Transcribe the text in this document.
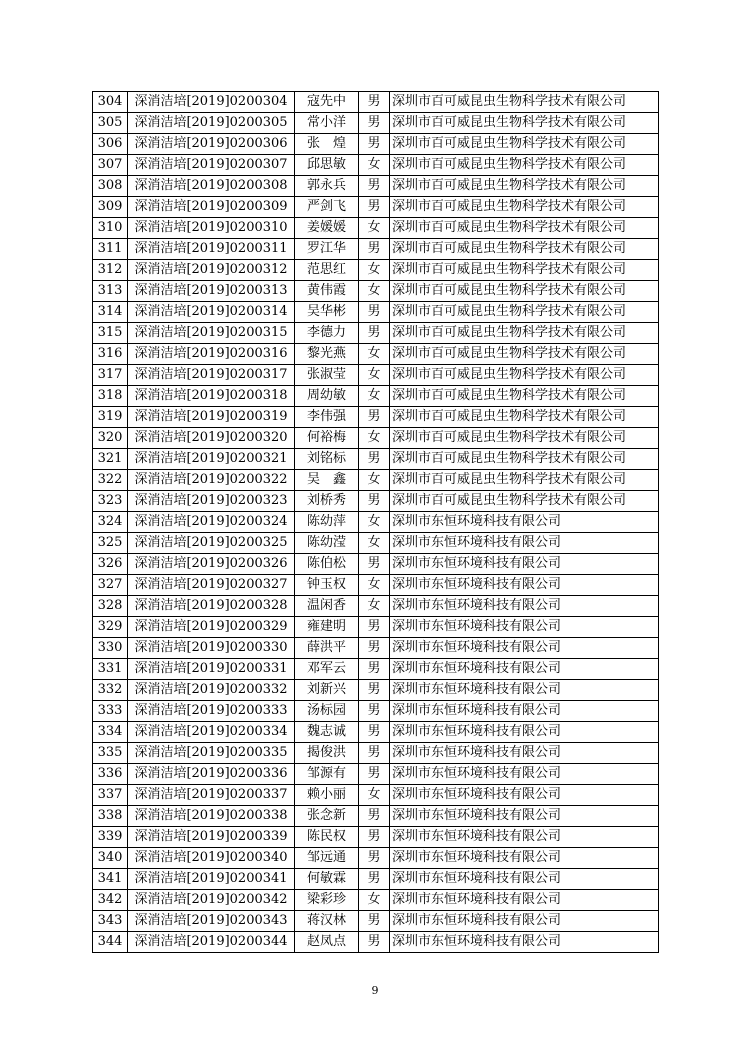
304	深消洁培[2019]0200304	寇先中	男	深圳市百可威昆虫生物科学技术有限公司
305	深消洁培[2019]0200305	常小洋	男	深圳市百可威昆虫生物科学技术有限公司
306	深消洁培[2019]0200306	张　煌	男	深圳市百可威昆虫生物科学技术有限公司
307	深消洁培[2019]0200307	邱思敏	女	深圳市百可威昆虫生物科学技术有限公司
308	深消洁培[2019]0200308	郭永兵	男	深圳市百可威昆虫生物科学技术有限公司
309	深消洁培[2019]0200309	严剑飞	男	深圳市百可威昆虫生物科学技术有限公司
310	深消洁培[2019]0200310	姜媛媛	女	深圳市百可威昆虫生物科学技术有限公司
311	深消洁培[2019]0200311	罗江华	男	深圳市百可威昆虫生物科学技术有限公司
312	深消洁培[2019]0200312	范思红	女	深圳市百可威昆虫生物科学技术有限公司
313	深消洁培[2019]0200313	黄伟霞	女	深圳市百可威昆虫生物科学技术有限公司
314	深消洁培[2019]0200314	吴华彬	男	深圳市百可威昆虫生物科学技术有限公司
315	深消洁培[2019]0200315	李德力	男	深圳市百可威昆虫生物科学技术有限公司
316	深消洁培[2019]0200316	黎光燕	女	深圳市百可威昆虫生物科学技术有限公司
317	深消洁培[2019]0200317	张淑莹	女	深圳市百可威昆虫生物科学技术有限公司
318	深消洁培[2019]0200318	周幼敏	女	深圳市百可威昆虫生物科学技术有限公司
319	深消洁培[2019]0200319	李伟强	男	深圳市百可威昆虫生物科学技术有限公司
320	深消洁培[2019]0200320	何裕梅	女	深圳市百可威昆虫生物科学技术有限公司
321	深消洁培[2019]0200321	刘铭标	男	深圳市百可威昆虫生物科学技术有限公司
322	深消洁培[2019]0200322	吴　鑫	女	深圳市百可威昆虫生物科学技术有限公司
323	深消洁培[2019]0200323	刘桥秀	男	深圳市百可威昆虫生物科学技术有限公司
324	深消洁培[2019]0200324	陈幼萍	女	深圳市东恒环境科技有限公司
325	深消洁培[2019]0200325	陈幼滢	女	深圳市东恒环境科技有限公司
326	深消洁培[2019]0200326	陈伯松	男	深圳市东恒环境科技有限公司
327	深消洁培[2019]0200327	钟玉权	女	深圳市东恒环境科技有限公司
328	深消洁培[2019]0200328	温闲香	女	深圳市东恒环境科技有限公司
329	深消洁培[2019]0200329	雍建明	男	深圳市东恒环境科技有限公司
330	深消洁培[2019]0200330	薛洪平	男	深圳市东恒环境科技有限公司
331	深消洁培[2019]0200331	邓军云	男	深圳市东恒环境科技有限公司
332	深消洁培[2019]0200332	刘新兴	男	深圳市东恒环境科技有限公司
333	深消洁培[2019]0200333	汤标园	男	深圳市东恒环境科技有限公司
334	深消洁培[2019]0200334	魏志诚	男	深圳市东恒环境科技有限公司
335	深消洁培[2019]0200335	揭俊洪	男	深圳市东恒环境科技有限公司
336	深消洁培[2019]0200336	邹源有	男	深圳市东恒环境科技有限公司
337	深消洁培[2019]0200337	赖小丽	女	深圳市东恒环境科技有限公司
338	深消洁培[2019]0200338	张念新	男	深圳市东恒环境科技有限公司
339	深消洁培[2019]0200339	陈民权	男	深圳市东恒环境科技有限公司
340	深消洁培[2019]0200340	邹远通	男	深圳市东恒环境科技有限公司
341	深消洁培[2019]0200341	何敏霖	男	深圳市东恒环境科技有限公司
342	深消洁培[2019]0200342	梁彩珍	女	深圳市东恒环境科技有限公司
343	深消洁培[2019]0200343	蒋汉林	男	深圳市东恒环境科技有限公司
344	深消洁培[2019]0200344	赵凤点	男	深圳市东恒环境科技有限公司
9
